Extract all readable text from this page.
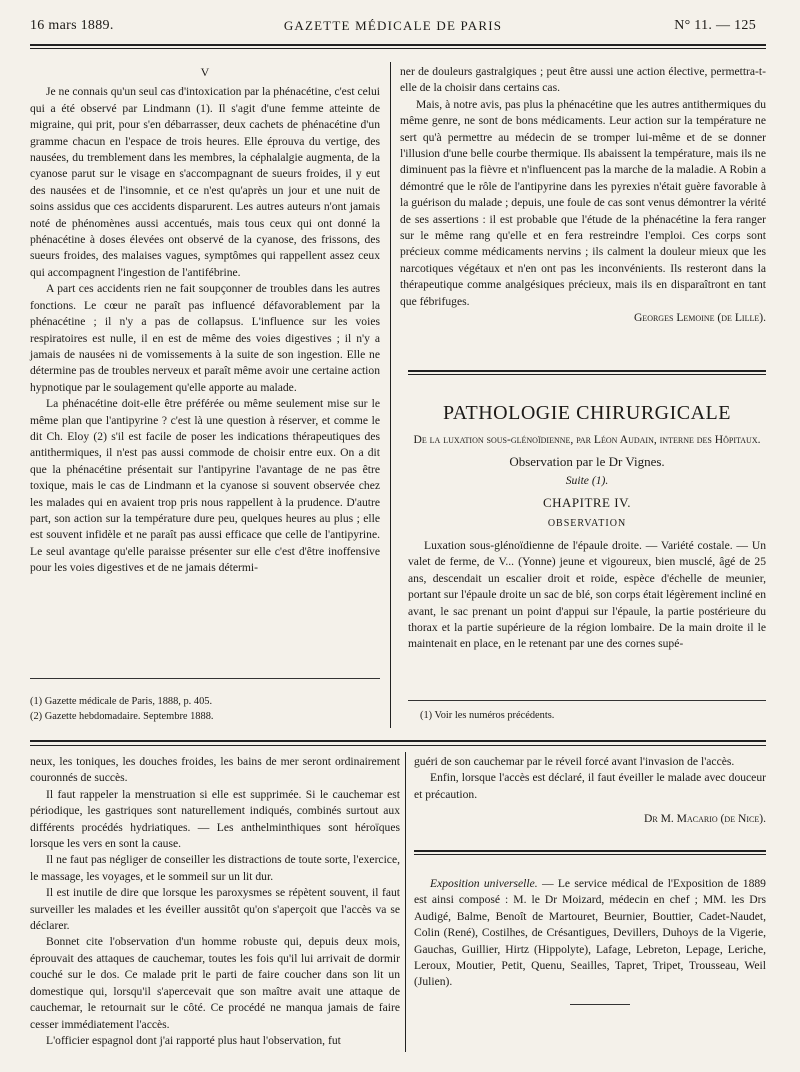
16 mars 1889.	GAZETTE MÉDICALE DE PARIS	N° 11. — 125
V

Je ne connais qu'un seul cas d'intoxication par la phénacétine, c'est celui qui a été observé par Lindmann (1). Il s'agit d'une femme atteinte de migraine, qui prit, pour s'en débarrasser, deux cachets de phénacétine d'un gramme chacun en l'espace de trois heures. Elle éprouva du vertige, des nausées, du tremblement dans les membres, la céphalalgie augmenta, de la cyanose parut sur le visage en s'accompagnant de sueurs froides, il y eut des nausées et de l'insomnie, et ce n'est qu'après un jour et une nuit de soins assidus que ces accidents disparurent. Les autres auteurs n'ont jamais noté de phénomènes aussi accentués, mais tous ceux qui ont donné la phénacétine à doses élevées ont observé de la cyanose, des frissons, des sueurs froides, des malaises vagues, symptômes qui rappellent assez ceux qui accompagnent l'ingestion de l'antifébrine.

A part ces accidents rien ne fait soupçonner de troubles dans les autres fonctions. Le cœur ne paraît pas influencé défavorablement par la phénacétine ; il n'y a pas de collapsus. L'influence sur les voies respiratoires est nulle, il en est de même des voies digestives ; il n'y a jamais de nausées ni de vomissements à la suite de son ingestion. Elle ne détermine pas de troubles nerveux et paraît même avoir une certaine action hypnotique par le soulagement qu'elle apporte au malade.

La phénacétine doit-elle être préférée ou même seulement mise sur le même plan que l'antipyrine ? c'est là une question à réserver, et comme le dit Ch. Eloy (2) s'il est facile de poser les indications thérapeutiques des antithermiques, il n'est pas aussi commode de choisir entre eux. On a dit que la phénacétine présentait sur l'antipyrine l'avantage de ne pas être toxique, mais le cas de Lindmann et la cyanose si souvent observée chez les malades qui en avaient trop pris nous rappellent à la prudence. D'autre part, son action sur la température dure peu, quelques heures au plus ; elle est souvent infidèle et ne paraît pas aussi efficace que celle de l'antipyrine. Le seul avantage qu'elle paraisse présenter sur elle c'est d'être inoffensive pour les voies digestives et de ne jamais détermi-

(1) Gazette médicale de Paris, 1888, p. 405.

(2) Gazette hebdomadaire. Septembre 1888.

ner de douleurs gastralgiques ; peut être aussi une action élective, permettra-t-elle de la choisir dans certains cas.

Mais, à notre avis, pas plus la phénacétine que les autres antithermiques du même genre, ne sont de bons médicaments. Leur action sur la température ne sert qu'à permettre au médecin de se tromper lui-même et de se donner l'illusion d'une belle courbe thermique. Ils abaissent la température, mais ils ne diminuent pas la fièvre et n'influencent pas la marche de la maladie. A Robin a démontré que le rôle de l'antipyrine dans les pyrexies n'était guère favorable à la guérison du malade ; depuis, une foule de cas sont venus démontrer la vérité de ses assertions : il est probable que l'étude de la phénacétine la fera ranger sur le même rang qu'elle et en fera restreindre l'emploi. Ces corps sont précieux comme médicaments nervins ; ils calment la douleur mieux que les narcotiques végétaux et n'en ont pas les inconvénients. Ils resteront dans la thérapeutique comme analgésiques précieux, mais ils en disparaîtront en tant que fébrifuges.

Georges Lemoine (de Lille).

PATHOLOGIE CHIRURGICALE

De la luxation sous-glénoïdienne, par Léon Audain, interne des Hôpitaux.

Observation par le Dr Vignes.

Suite (1).

CHAPITRE IV.
OBSERVATION

Luxation sous-glénoïdienne de l'épaule droite. — Variété costale. — Un valet de ferme, de V... (Yonne) jeune et vigoureux, bien musclé, âgé de 25 ans, descendait un escalier droit et roide, espèce d'échelle de meunier, portant sur l'épaule droite un sac de blé, son corps était légèrement incliné en avant, le sac prenant un point d'appui sur l'épaule, la partie postérieure du thorax et la partie supérieure de la région lombaire. De la main droite il le maintenait en place, en le retenant par une des cornes supé-

(1) Voir les numéros précédents.

neux, les toniques, les douches froides, les bains de mer seront ordinairement couronnés de succès.

Il faut rappeler la menstruation si elle est supprimée. Si le cauchemar est périodique, les gastriques sont naturellement indiqués, combinés surtout aux différents procédés hydriatiques. — Les anthelminthiques sont héroïques lorsque les vers en sont la cause.

Il ne faut pas négliger de conseiller les distractions de toute sorte, l'exercice, le massage, les voyages, et le sommeil sur un lit dur.

Il est inutile de dire que lorsque les paroxysmes se répètent souvent, il faut surveiller les malades et les éveiller aussitôt qu'on s'aperçoit que l'accès va se déclarer.

Bonnet cite l'observation d'un homme robuste qui, depuis deux mois, éprouvait des attaques de cauchemar, toutes les fois qu'il lui arrivait de dormir couché sur le dos. Ce malade prit le parti de faire coucher dans son lit un domestique qui, lorsqu'il s'apercevait que son maître avait une attaque de cauchemar, le retournait sur le côté. Ce procédé ne manqua jamais de faire cesser immédiatement l'accès.

L'officier espagnol dont j'ai rapporté plus haut l'observation, fut

guéri de son cauchemar par le réveil forcé avant l'invasion de l'accès.

Enfin, lorsque l'accès est déclaré, il faut éveiller le malade avec douceur et précaution.

Dr M. Macario (de Nice).

Exposition universelle. — Le service médical de l'Exposition de 1889 est ainsi composé : M. le Dr Moizard, médecin en chef ; MM. les Drs Audigé, Balme, Benoît de Martouret, Beurnier, Bouttier, Cadet-Naudet, Colin (René), Costilhes, de Crésantigues, Devillers, Duhoys de la Vigerie, Gauchas, Guillier, Hirtz (Hippolyte), Lafage, Lebreton, Lepage, Leriche, Leroux, Moutier, Petit, Quenu, Seailles, Tapret, Tripet, Trousseau, Weil (Julien).
